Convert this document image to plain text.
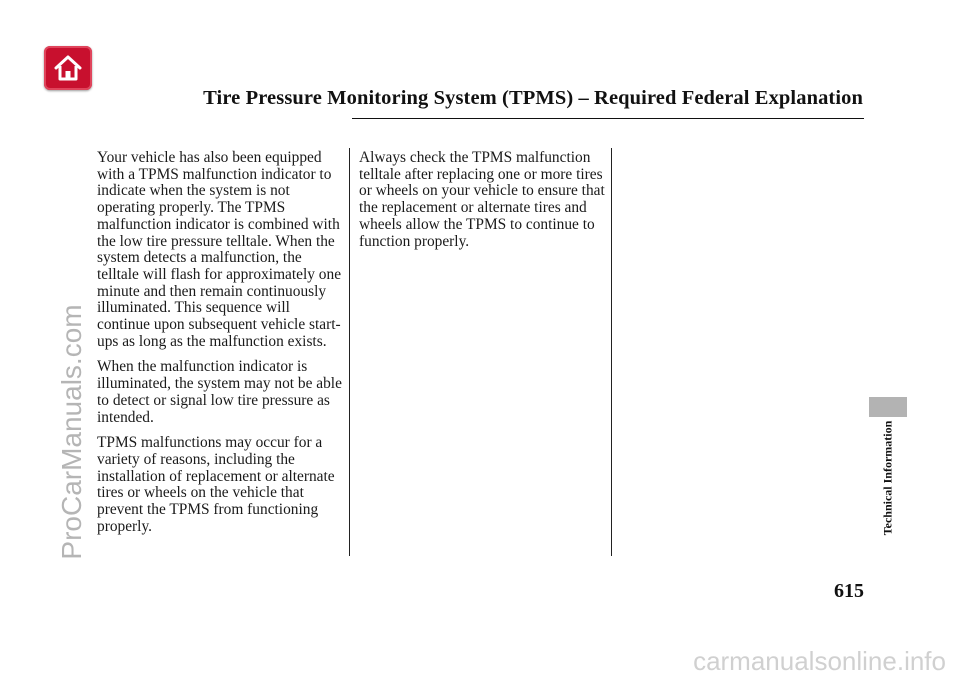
Tire Pressure Monitoring System (TPMS) – Required Federal Explanation

Your vehicle has also been equipped with a TPMS malfunction indicator to indicate when the system is not operating properly. The TPMS malfunction indicator is combined with the low tire pressure telltale. When the system detects a malfunction, the telltale will flash for approximately one minute and then remain continuously illuminated. This sequence will continue upon subsequent vehicle start-ups as long as the malfunction exists.

When the malfunction indicator is illuminated, the system may not be able to detect or signal low tire pressure as intended.

TPMS malfunctions may occur for a variety of reasons, including the installation of replacement or alternate tires or wheels on the vehicle that prevent the TPMS from functioning properly.

Always check the TPMS malfunction telltale after replacing one or more tires or wheels on your vehicle to ensure that the replacement or alternate tires and wheels allow the TPMS to continue to function properly.

Technical Information
615
ProCarManuals.com
carmanualsonline.info
